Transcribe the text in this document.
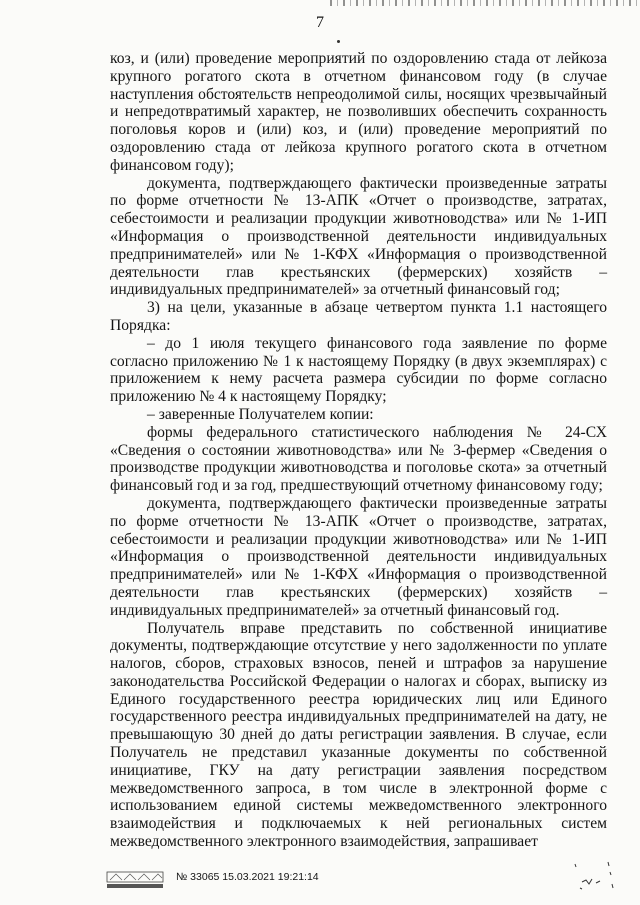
7

коз, и (или) проведение мероприятий по оздоровлению стада от лейкоза крупного рогатого скота в отчетном финансовом году (в случае наступления обстоятельств непреодолимой силы, носящих чрезвычайный и непредотвратимый характер, не позволивших обеспечить сохранность поголовья коров и (или) коз, и (или) проведение мероприятий по оздоровлению стада от лейкоза крупного рогатого скота в отчетном финансовом году);

документа, подтверждающего фактически произведенные затраты по форме отчетности № 13-АПК «Отчет о производстве, затратах, себестоимости и реализации продукции животноводства» или № 1-ИП «Информация о производственной деятельности индивидуальных предпринимателей» или № 1-КФХ «Информация о производственной деятельности глав крестьянских (фермерских) хозяйств – индивидуальных предпринимателей» за отчетный финансовый год;

3) на цели, указанные в абзаце четвертом пункта 1.1 настоящего Порядка:

– до 1 июля текущего финансового года заявление по форме согласно приложению № 1 к настоящему Порядку (в двух экземплярах) с приложением к нему расчета размера субсидии по форме согласно приложению № 4 к настоящему Порядку;

– заверенные Получателем копии:

формы федерального статистического наблюдения № 24-СХ «Сведения о состоянии животноводства» или № 3-фермер «Сведения о производстве продукции животноводства и поголовье скота» за отчетный финансовый год и за год, предшествующий отчетному финансовому году;

документа, подтверждающего фактически произведенные затраты по форме отчетности № 13-АПК «Отчет о производстве, затратах, себестоимости и реализации продукции животноводства» или № 1-ИП «Информация о производственной деятельности индивидуальных предпринимателей» или № 1-КФХ «Информация о производственной деятельности глав крестьянских (фермерских) хозяйств – индивидуальных предпринимателей» за отчетный финансовый год.

Получатель вправе представить по собственной инициативе документы, подтверждающие отсутствие у него задолженности по уплате налогов, сборов, страховых взносов, пеней и штрафов за нарушение законодательства Российской Федерации о налогах и сборах, выписку из Единого государственного реестра юридических лиц или Единого государственного реестра индивидуальных предпринимателей на дату, не превышающую 30 дней до даты регистрации заявления. В случае, если Получатель не представил указанные документы по собственной инициативе, ГКУ на дату регистрации заявления посредством межведомственного запроса, в том числе в электронной форме с использованием единой системы межведомственного электронного взаимодействия и подключаемых к ней региональных систем межведомственного электронного взаимодействия, запрашивает

№ 33065 15.03.2021 19:21:14
